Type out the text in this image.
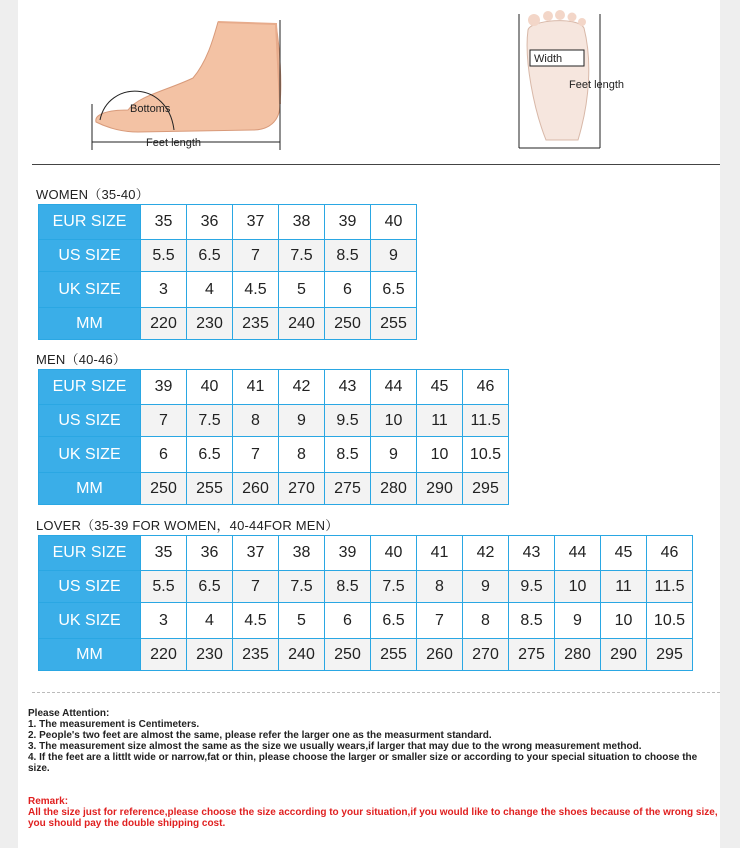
Bottoms
Feet length
Width
Feet length
WOMEN（35-40）
EUR SIZE	35	36	37	38	39	40
US SIZE	5.5	6.5	7	7.5	8.5	9
UK SIZE	3	4	4.5	5	6	6.5
MM	220	230	235	240	250	255
MEN（40-46）
EUR SIZE	39	40	41	42	43	44	45	46
US SIZE	7	7.5	8	9	9.5	10	11	11.5
UK SIZE	6	6.5	7	8	8.5	9	10	10.5
MM	250	255	260	270	275	280	290	295
LOVER（35-39 FOR WOMEN，40-44FOR MEN）
EUR SIZE	35	36	37	38	39	40	41	42	43	44	45	46
US SIZE	5.5	6.5	7	7.5	8.5	7.5	8	9	9.5	10	11	11.5
UK SIZE	3	4	4.5	5	6	6.5	7	8	8.5	9	10	10.5
MM	220	230	235	240	250	255	260	270	275	280	290	295
Please Attention:
1. The measurement is Centimeters.
2. People's two feet are almost the same, please refer the larger one as the measurment standard.
3. The measurement size almost the same as the size we usually wears,if larger that may due to the wrong measurement method.
4. If the feet are a littlt wide or narrow,fat or thin, please choose the larger or smaller size or according to your special situation to choose the size.
Remark:
All the size just for reference,please choose the size according to your situation,if you would like to change the shoes because of the wrong size, you should pay the double shipping cost.
